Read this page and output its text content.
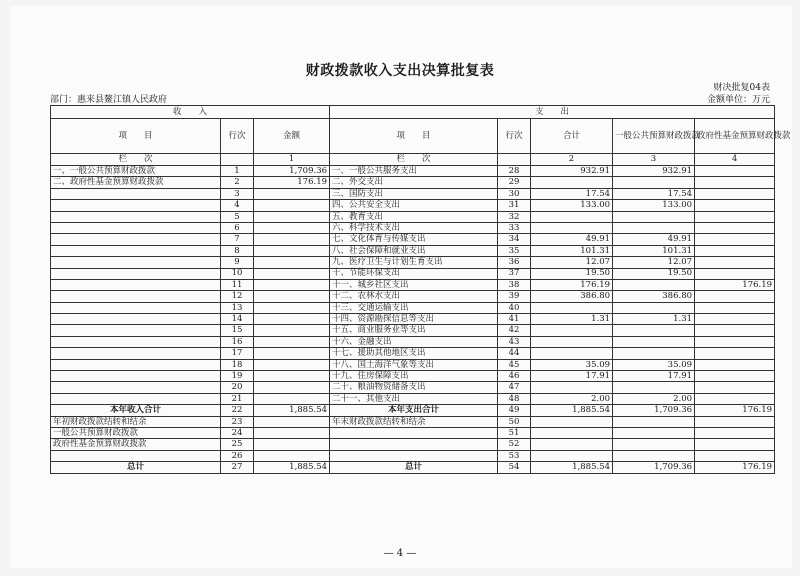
财政拨款收入支出决算批复表
财决批复04表
部门：惠来县鳌江镇人民政府	金额单位：万元
收　　入			支　　出				
项　　目	行次	金额	项　　目	行次	合计	一般公共预算财政拨款	政府性基金预算财政拨款
栏　　次		1	栏　　次		2	3	4
一、一般公共预算财政拨款	1	1,709.36	一、一般公共服务支出	28	932.91	932.91	
二、政府性基金预算财政拨款	2	176.19	二、外交支出	29			
	3		三、国防支出	30	17.54	17.54	
	4		四、公共安全支出	31	133.00	133.00	
	5		五、教育支出	32			
	6		六、科学技术支出	33			
	7		七、文化体育与传媒支出	34	49.91	49.91	
	8		八、社会保障和就业支出	35	101.31	101.31	
	9		九、医疗卫生与计划生育支出	36	12.07	12.07	
	10		十、节能环保支出	37	19.50	19.50	
	11		十一、城乡社区支出	38	176.19		176.19
	12		十二、农林水支出	39	386.80	386.80	
	13		十三、交通运输支出	40			
	14		十四、资源勘探信息等支出	41	1.31	1.31	
	15		十五、商业服务业等支出	42			
	16		十六、金融支出	43			
	17		十七、援助其他地区支出	44			
	18		十八、国土海洋气象等支出	45	35.09	35.09	
	19		十九、住房保障支出	46	17.91	17.91	
	20		二十、粮油物资储备支出	47			
	21		二十一、其他支出	48	2.00	2.00	
本年收入合计	22	1,885.54	本年支出合计	49	1,885.54	1,709.36	176.19
年初财政拨款结转和结余	23		年末财政拨款结转和结余	50			
一般公共预算财政拨款	24			51			
政府性基金预算财政拨款	25			52			
	26			53			
总计	27	1,885.54	总计	54	1,885.54	1,709.36	176.19
— 4 —
